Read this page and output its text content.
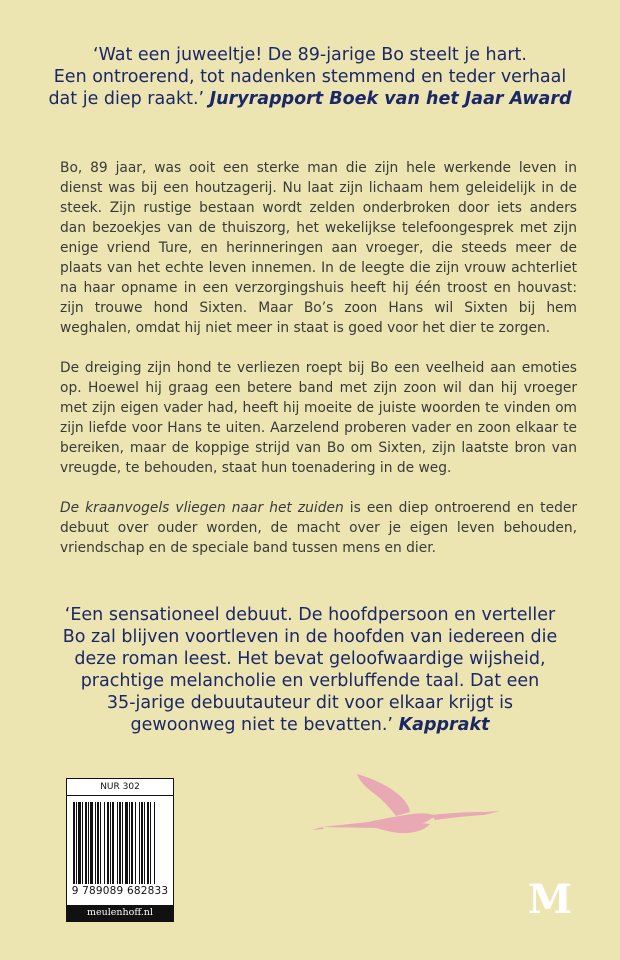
‘Wat een juweeltje! De 89-jarige Bo steelt je hart.
Een ontroerend, tot nadenken stemmend en teder verhaal
dat je diep raakt.’ Juryrapport Boek van het Jaar Award

Bo, 89 jaar, was ooit een sterke man die zijn hele werkende leven in dienst was bij een houtzagerij. Nu laat zijn lichaam hem geleidelijk in de steek. Zijn rustige bestaan wordt zelden onderbroken door iets anders dan bezoekjes van de thuiszorg, het wekelijkse telefoongesprek met zijn enige vriend Ture, en herinneringen aan vroeger, die steeds meer de plaats van het echte leven innemen. In de leegte die zijn vrouw achterliet na haar opname in een verzorgingshuis heeft hij één troost en houvast: zijn trouwe hond Sixten. Maar Bo’s zoon Hans wil Sixten bij hem weghalen, omdat hij niet meer in staat is goed voor het dier te zorgen.

De dreiging zijn hond te verliezen roept bij Bo een veelheid aan emoties op. Hoewel hij graag een betere band met zijn zoon wil dan hij vroeger met zijn eigen vader had, heeft hij moeite de juiste woorden te vinden om zijn liefde voor Hans te uiten. Aarzelend proberen vader en zoon elkaar te bereiken, maar de koppige strijd van Bo om Sixten, zijn laatste bron van vreugde, te behouden, staat hun toenadering in de weg.

De kraanvogels vliegen naar het zuiden is een diep ontroerend en teder debuut over ouder worden, de macht over je eigen leven behouden, vriendschap en de speciale band tussen mens en dier.

‘Een sensationeel debuut. De hoofdpersoon en verteller
Bo zal blijven voortleven in de hoofden van iedereen die
deze roman leest. Het bevat geloofwaardige wijsheid,
prachtige melancholie en verbluffende taal. Dat een
35-jarige debuutauteur dit voor elkaar krijgt is
gewoonweg niet te bevatten.’ Kapprakt
NUR 302
9 789089 682833
meulenhoff.nl	M
